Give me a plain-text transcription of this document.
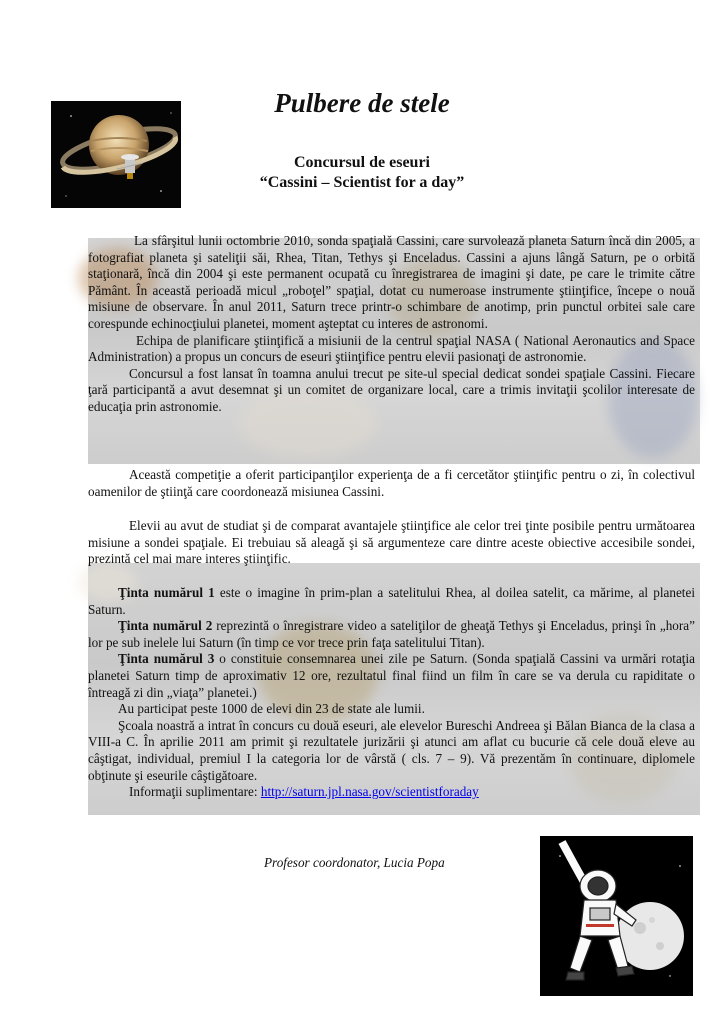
Pulbere de stele
Concursul de eseuri
“Cassini – Scientist for a day”

La sfârşitul lunii octombrie 2010, sonda spaţială Cassini, care survolează planeta Saturn încă din 2005, a fotografiat planeta şi sateliţii săi, Rhea, Titan, Tethys şi Enceladus. Cassini a ajuns lângă Saturn, pe o orbită staţionară, încă din 2004 şi este permanent ocupată cu înregistrarea de imagini şi date, pe care le trimite către Pământ. În această perioadă micul „roboţel” spaţial, dotat cu numeroase instrumente ştiinţifice, începe o nouă misiune de observare. În anul 2011, Saturn trece printr-o schimbare de anotimp, prin punctul orbitei sale care corespunde echinocţiului planetei, moment aşteptat cu interes de astronomi.

Echipa de planificare ştiinţifică a misiunii de la centrul spaţial NASA ( National Aeronautics and Space Administration) a propus un concurs de eseuri ştiinţifice pentru elevii pasionaţi de astronomie.

Concursul a fost lansat în toamna anului trecut pe site-ul special dedicat sondei spaţiale Cassini. Fiecare ţară participantă a avut desemnat şi un comitet de organizare local, care a trimis invitaţii şcolilor interesate de educaţia prin astronomie.

Această competiţie a oferit participanţilor experienţa de a fi cercetător ştiinţific pentru o zi, în colectivul oamenilor de ştiinţă care coordonează misiunea Cassini.

Elevii au avut de studiat şi de comparat avantajele ştiinţifice ale celor trei ţinte posibile pentru următoarea misiune a sondei spaţiale. Ei trebuiau să aleagă şi să argumenteze care dintre aceste obiective accesibile sondei, prezintă cel mai mare interes ştiinţific.

Ţinta numărul 1 este o imagine în prim-plan a satelitului Rhea, al doilea satelit, ca mărime, al planetei Saturn.

Ţinta numărul 2 reprezintă o înregistrare video a sateliţilor de gheaţă Tethys şi Enceladus, prinşi în „hora” lor pe sub inelele lui Saturn (în timp ce vor trece prin faţa satelitului Titan).

Ţinta numărul 3 o constituie consemnarea unei zile pe Saturn. (Sonda spaţială Cassini va urmări rotaţia planetei Saturn timp de aproximativ 12 ore, rezultatul final fiind un film în care se va derula cu rapiditate o întreagă zi din „viaţa” planetei.)

Au participat peste 1000 de elevi din 23 de state ale lumii.

Şcoala noastră a intrat în concurs cu două eseuri, ale elevelor Bureschi Andreea şi Bălan Bianca de la clasa a VIII-a C. În aprilie 2011 am primit şi rezultatele jurizării şi atunci am aflat cu bucurie că cele două eleve au câştigat, individual, premiul I la categoria lor de vârstă ( cls. 7 – 9). Vă prezentăm în continuare, diplomele obţinute şi eseurile câştigătoare.

Informaţii suplimentare: http://saturn.jpl.nasa.gov/scientistforaday

Profesor coordonator, Lucia Popa
